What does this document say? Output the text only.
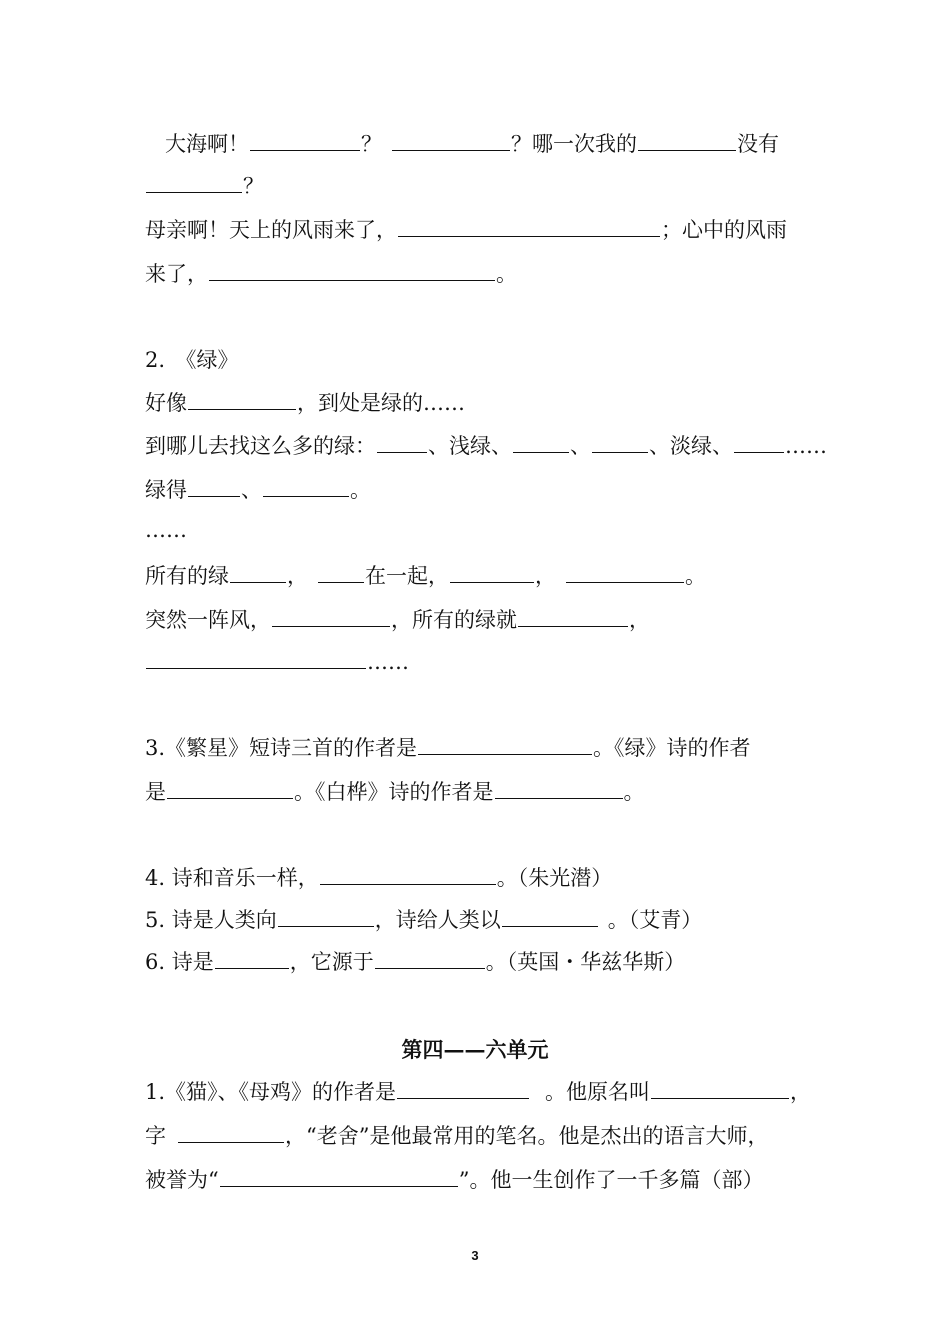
大海啊！	？	？哪一次我的	没有
？
母亲啊！天上的风雨来了，	；心中的风雨
来了，	。
2.　《绿》
好像	，到处是绿的……
到哪儿去找这么多的绿： 、浅绿、	、	、淡绿、 ……
绿得	、	。
……
所有的绿	，	在一起，	，	。
突然一阵风，	，所有的绿就	，
……
3.《繁星》短诗三首的作者是	。《绿》诗的作者
是	。《白桦》诗的作者是	。
4. 诗和音乐一样，	。（朱光潜）
5. 诗是人类向	，诗给人类以	。（艾青）
6. 诗是	，它源于	。（英国・华兹华斯）
第四——六单元
1.《猫》、《母鸡》的作者是	。他原名叫	，
字	，“老舍”是他最常用的笔名。他是杰出的语言大师，
被誉为“	”。他一生创作了一千多篇（部）
3
